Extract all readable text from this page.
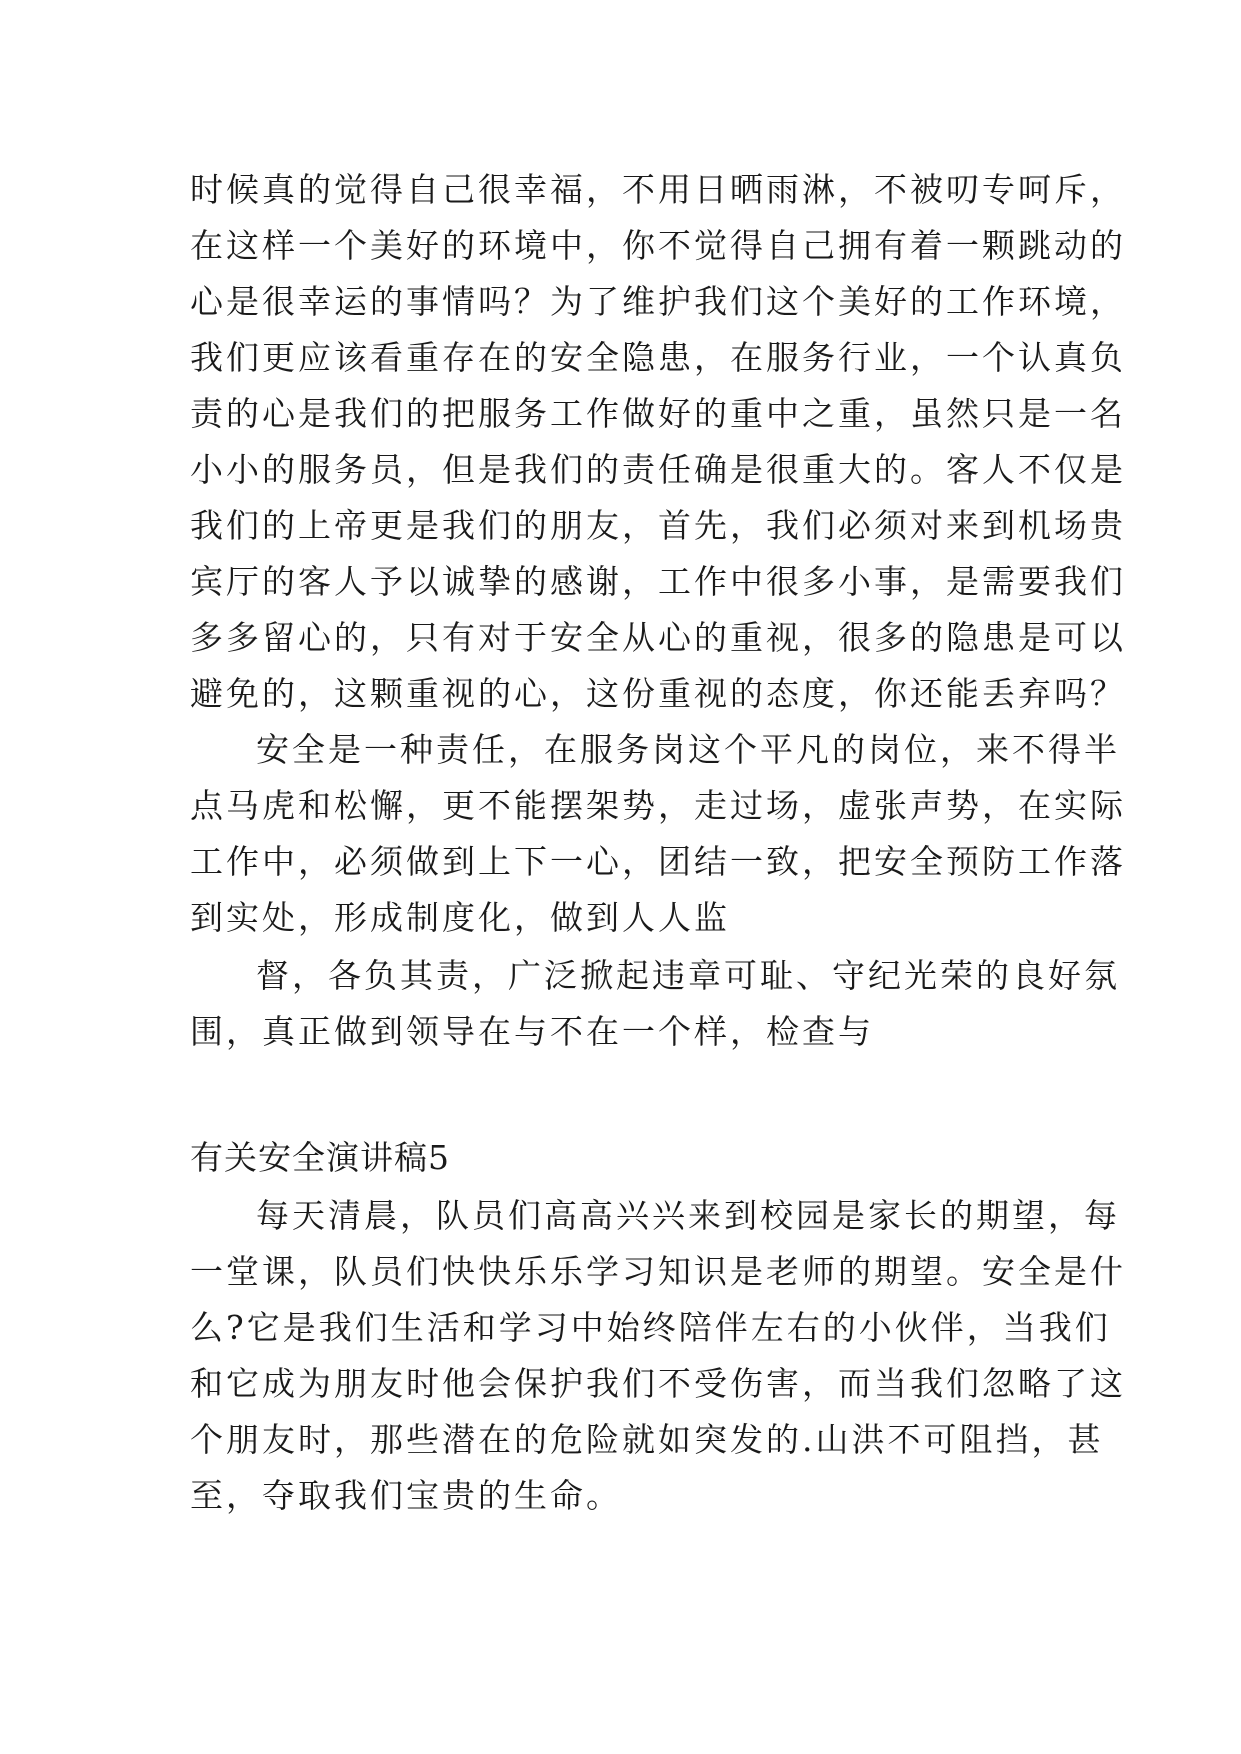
时候真的觉得自己很幸福，不用日晒雨淋，不被叨专呵斥，
在这样一个美好的环境中，你不觉得自己拥有着一颗跳动的
心是很幸运的事情吗？为了维护我们这个美好的工作环境，
我们更应该看重存在的安全隐患，在服务行业，一个认真负
责的心是我们的把服务工作做好的重中之重，虽然只是一名
小小的服务员，但是我们的责任确是很重大的。客人不仅是
我们的上帝更是我们的朋友，首先，我们必须对来到机场贵
宾厅的客人予以诚挚的感谢，工作中很多小事，是需要我们
多多留心的，只有对于安全从心的重视，很多的隐患是可以
避免的，这颗重视的心，这份重视的态度，你还能丢弃吗？
安全是一种责任，在服务岗这个平凡的岗位，来不得半
点马虎和松懈，更不能摆架势，走过场，虚张声势，在实际
工作中，必须做到上下一心，团结一致，把安全预防工作落
到实处，形成制度化，做到人人监
督，各负其责，广泛掀起违章可耻、守纪光荣的良好氛
围，真正做到领导在与不在一个样，检查与
有关安全演讲稿5
每天清晨，队员们高高兴兴来到校园是家长的期望，每
一堂课，队员们快快乐乐学习知识是老师的期望。安全是什
么?它是我们生活和学习中始终陪伴左右的小伙伴，当我们
和它成为朋友时他会保护我们不受伤害，而当我们忽略了这
个朋友时，那些潜在的危险就如突发的.山洪不可阻挡，甚
至，夺取我们宝贵的生命。
